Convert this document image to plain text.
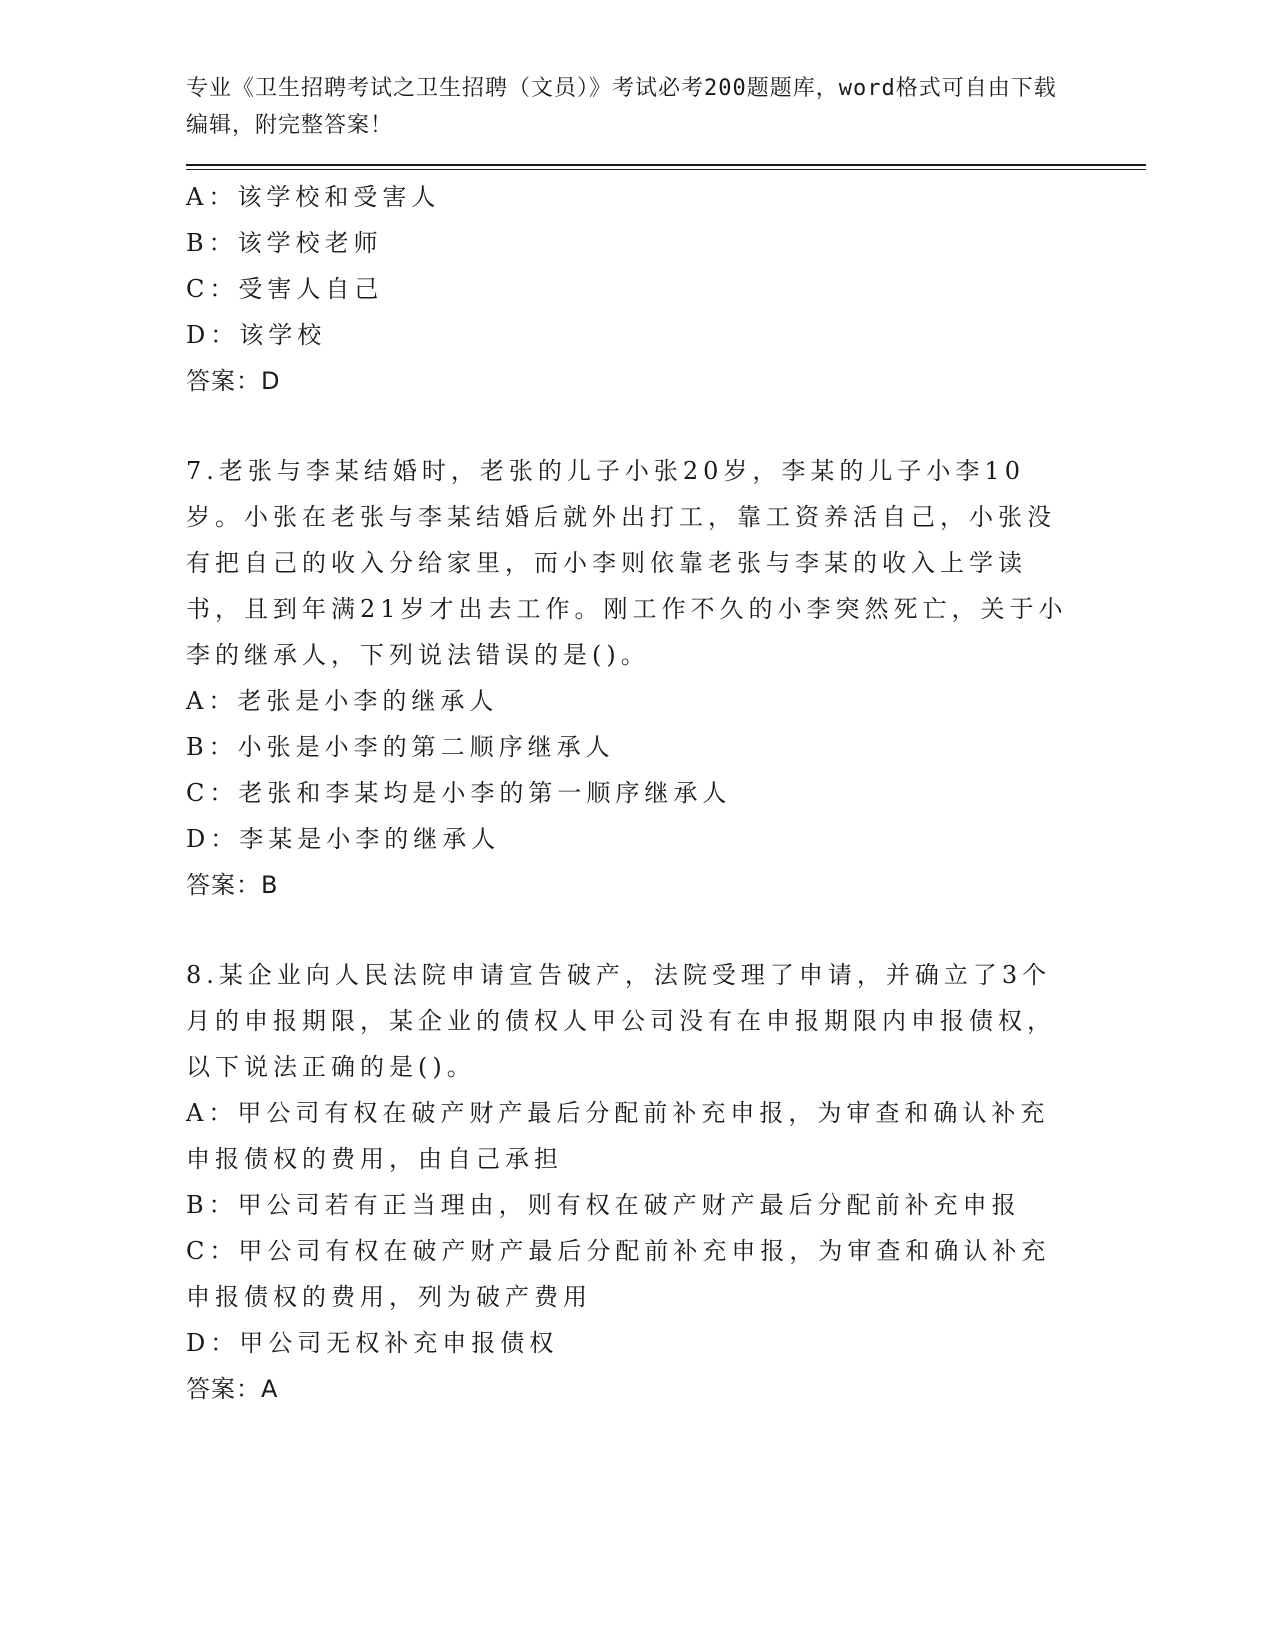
专业《卫生招聘考试之卫生招聘（文员）》考试必考200题题库，word格式可自由下载编辑，附完整答案！
A：该学校和受害人
B：该学校老师
C：受害人自己
D：该学校
答案：D
7.老张与李某结婚时，老张的儿子小张20岁，李某的儿子小李10岁。小张在老张与李某结婚后就外出打工，靠工资养活自己，小张没有把自己的收入分给家里，而小李则依靠老张与李某的收入上学读书，且到年满21岁才出去工作。刚工作不久的小李突然死亡，关于小李的继承人，下列说法错误的是()。
A：老张是小李的继承人
B：小张是小李的第二顺序继承人
C：老张和李某均是小李的第一顺序继承人
D：李某是小李的继承人
答案：B
8.某企业向人民法院申请宣告破产，法院受理了申请，并确立了3个月的申报期限，某企业的债权人甲公司没有在申报期限内申报债权，以下说法正确的是()。
A：甲公司有权在破产财产最后分配前补充申报，为审查和确认补充申报债权的费用，由自己承担
B：甲公司若有正当理由，则有权在破产财产最后分配前补充申报
C：甲公司有权在破产财产最后分配前补充申报，为审查和确认补充申报债权的费用，列为破产费用
D：甲公司无权补充申报债权
答案：A
